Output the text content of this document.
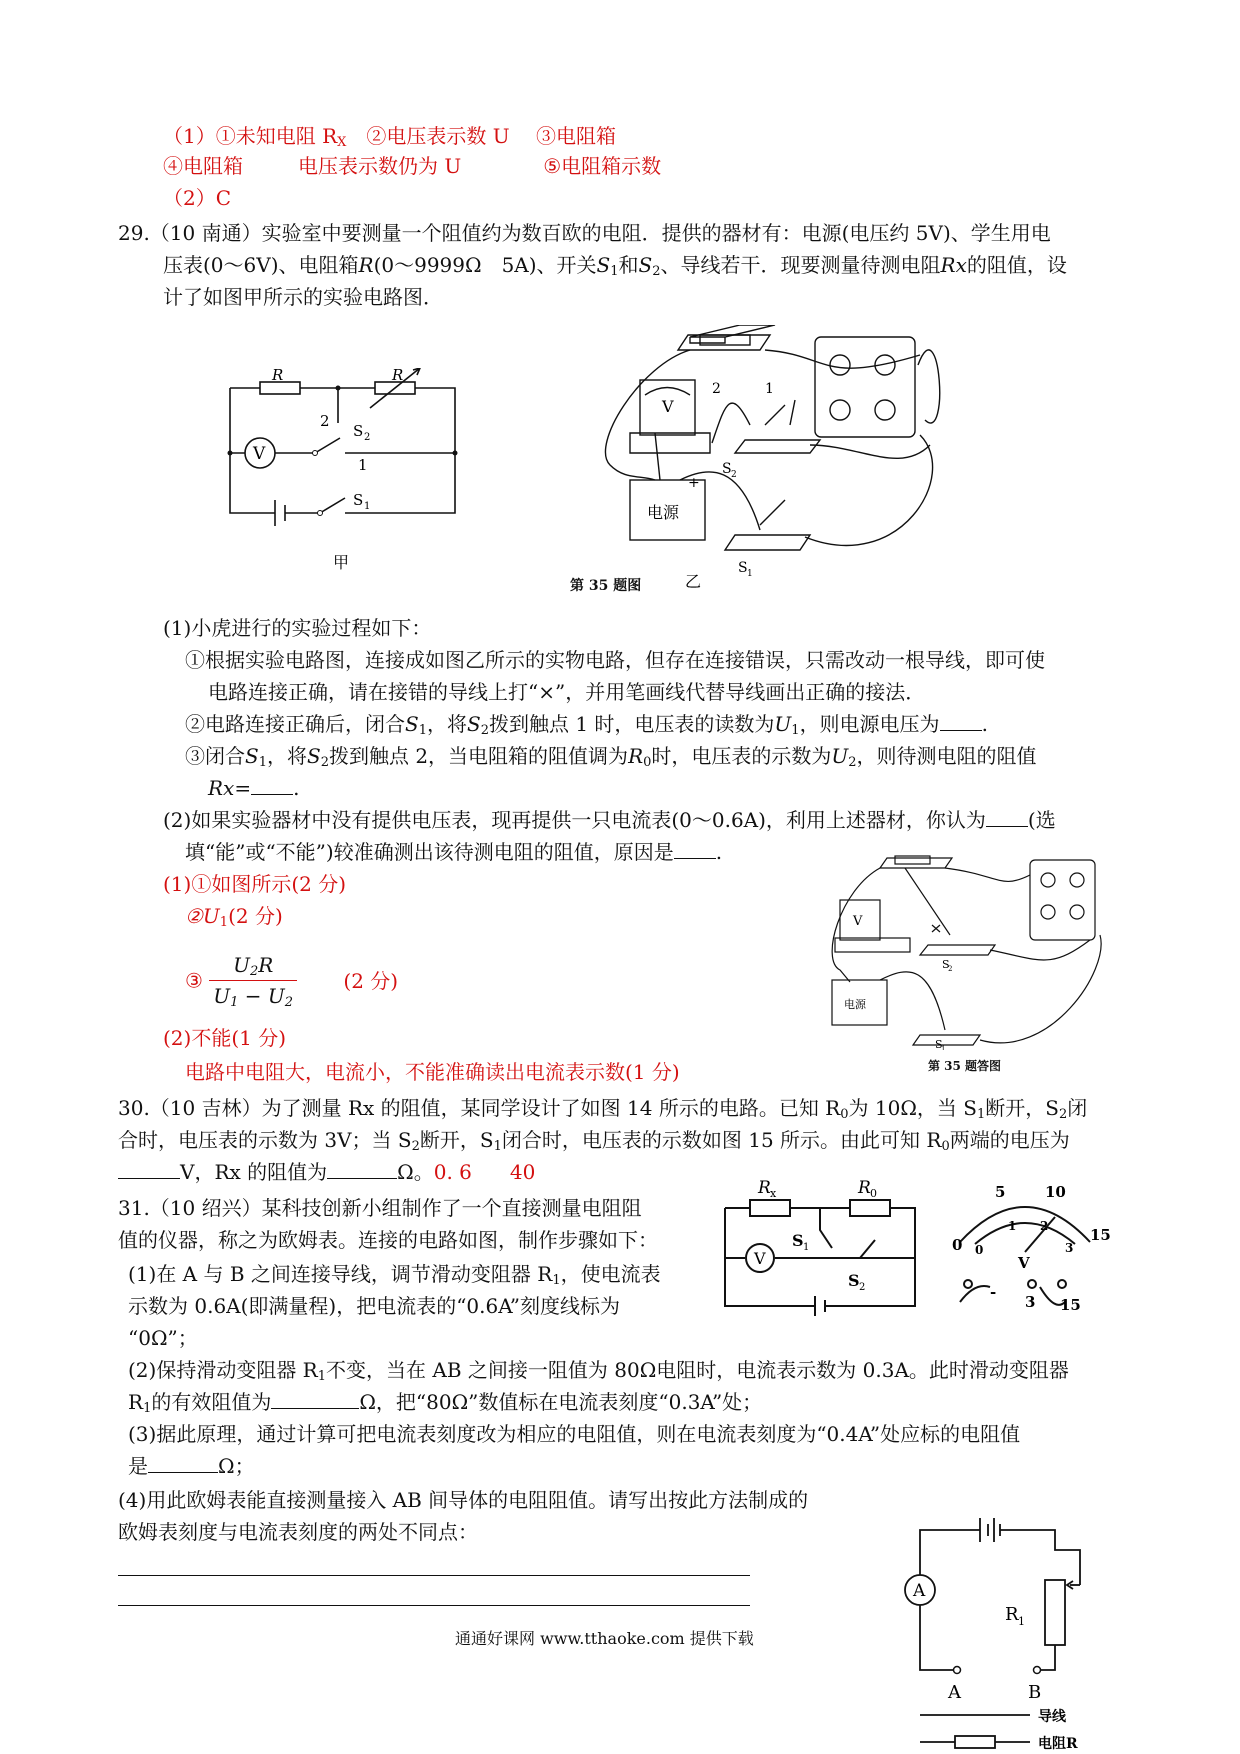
（1）①未知电阻 $R_X$　 ②电压表示数 U　 ③电阻箱
④电阻箱	电压表示数仍为 U	⑤电阻箱示数
（2）C
29.（10 南通）实验室中要测量一个阻值约为数百欧的电阻．提供的器材有：电源(电压约 5V)、学生用电
压表(0～6V)、电阻箱R(0～9999Ω　5A)、开关$S_1$和$S_2$、导线若干．现要测量待测电阻Rx的阻值，设
计了如图甲所示的实验电路图．
R	R
V
2
1
S 2
S 1
甲
V
电源
2	1
S 2
S 1
+
乙
第 35 题图
(1)小虎进行的实验过程如下：
①根据实验电路图，连接成如图乙所示的实物电路，但存在连接错误，只需改动一根导线，即可使
电路连接正确，请在接错的导线上打“×”，并用笔画线代替导线画出正确的接法．
②电路连接正确后，闭合$S_1$，将$S_2$拨到触点 1 时，电压表的读数为$U_1$，则电源电压为 .
③闭合$S_1$，将$S_2$拨到触点 2，当电阻箱的阻值调为$R_0$时，电压表的示数为$U_2$，则待测电阻的阻值
Rx= .
(2)如果实验器材中没有提供电压表，现再提供一只电流表(0～0.6A)，利用上述器材，你认为 (选
填“能”或“不能”)较准确测出该待测电阻的阻值，原因是 .
(1)①如图所示(2 分)
$②U_1(2$ 分)
③ $\frac{U_2R}{U_1 - U_2} (2$ 分)
(2)不能(1 分)
电路中电阻大，电流小，不能准确读出电流表示数(1 分)
V
电源
S
2
S
1
第 35 题答图
30.（10 吉林）为了测量 Rx 的阻值，某同学设计了如图 14 所示的电路。已知 $R_0$为 10Ω，当 $S_1$断开，$S_2$闭
合时，电压表的示数为 3V；当 $S_2$断开，$S_1$闭合时，电压表的示数如图 15 所示。由此可知 $R_0$两端的电压为
V，Rx 的阻值为	Ω。0. 6 40
R x	R 0
V
S 1
S 2
0
5	10
15
0
1 2
3
V
-
3 15
31.（10 绍兴）某科技创新小组制作了一个直接测量电阻阻
值的仪器，称之为欧姆表。连接的电路如图，制作步骤如下：
(1)在 A 与 B 之间连接导线，调节滑动变阻器 $R_1$，使电流表
示数为 0.6A(即满量程)，把电流表的“0.6A”刻度线标为
“0Ω”；
(2)保持滑动变阻器 $R_1$不变，当在 AB 之间接一阻值为 80Ω电阻时，电流表示数为 0.3A。此时滑动变阻器
$R_1$的有效阻值为	Ω，把“80Ω”数值标在电流表刻度“0.3A”处；
(3)据此原理，通过计算可把电流表刻度改为相应的电阻值，则在电流表刻度为“0.4A”处应标的电阻值
是	Ω；
(4)用此欧姆表能直接测量接入 AB 间导体的电阻阻值。请写出按此方法制成的
欧姆表刻度与电流表刻度的两处不同点：
A
R 1
A	B
导线
电阻R
通通好课网 www.tthaoke.com 提供下载
